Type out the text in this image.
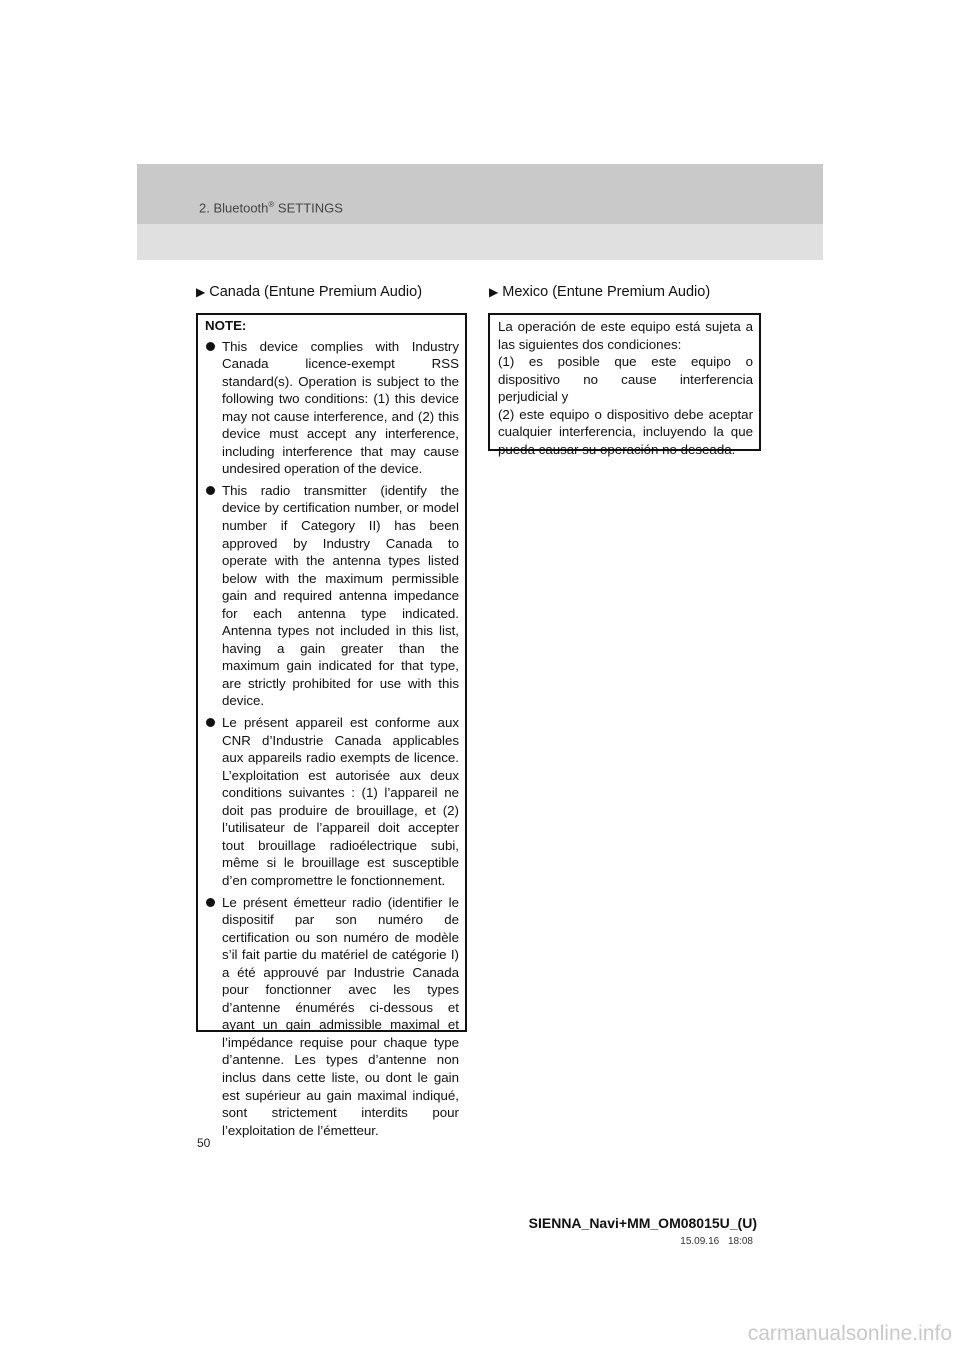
2. Bluetooth® SETTINGS
▶ Canada (Entune Premium Audio)	▶ Mexico (Entune Premium Audio)
NOTE:
This device complies with Industry Canada licence-exempt RSS standard(s). Operation is subject to the following two conditions: (1) this device may not cause interference, and (2) this device must accept any interference, including interference that may cause undesired operation of the device.
This radio transmitter (identify the device by certification number, or model number if Category II) has been approved by Industry Canada to operate with the antenna types listed below with the maximum permissible gain and required antenna impedance for each antenna type indicated. Antenna types not included in this list, having a gain greater than the maximum gain indicated for that type, are strictly prohibited for use with this device.
Le présent appareil est conforme aux CNR d’Industrie Canada applicables aux appareils radio exempts de licence. L’exploitation est autorisée aux deux conditions suivantes : (1) l’appareil ne doit pas produire de brouillage, et (2) l’utilisateur de l’appareil doit accepter tout brouillage radioélectrique subi, même si le brouillage est susceptible d’en compromettre le fonctionnement.
Le présent émetteur radio (identifier le dispositif par son numéro de certification ou son numéro de modèle s’il fait partie du matériel de catégorie I) a été approuvé par Industrie Canada pour fonctionner avec les types d’antenne énumérés ci-dessous et ayant un gain admissible maximal et l’impédance requise pour chaque type d’antenne. Les types d’antenne non inclus dans cette liste, ou dont le gain est supérieur au gain maximal indiqué, sont strictement interdits pour l’exploitation de l’émetteur.
La operación de este equipo está sujeta a las siguientes dos condiciones:
(1) es posible que este equipo o dispositivo no cause interferencia perjudicial y
(2) este equipo o dispositivo debe aceptar cualquier interferencia, incluyendo la que pueda causar su operación no deseada.
50
SIENNA_Navi+MM_OM08015U_(U)
15.09.16 18:08
carmanualsonline.info
